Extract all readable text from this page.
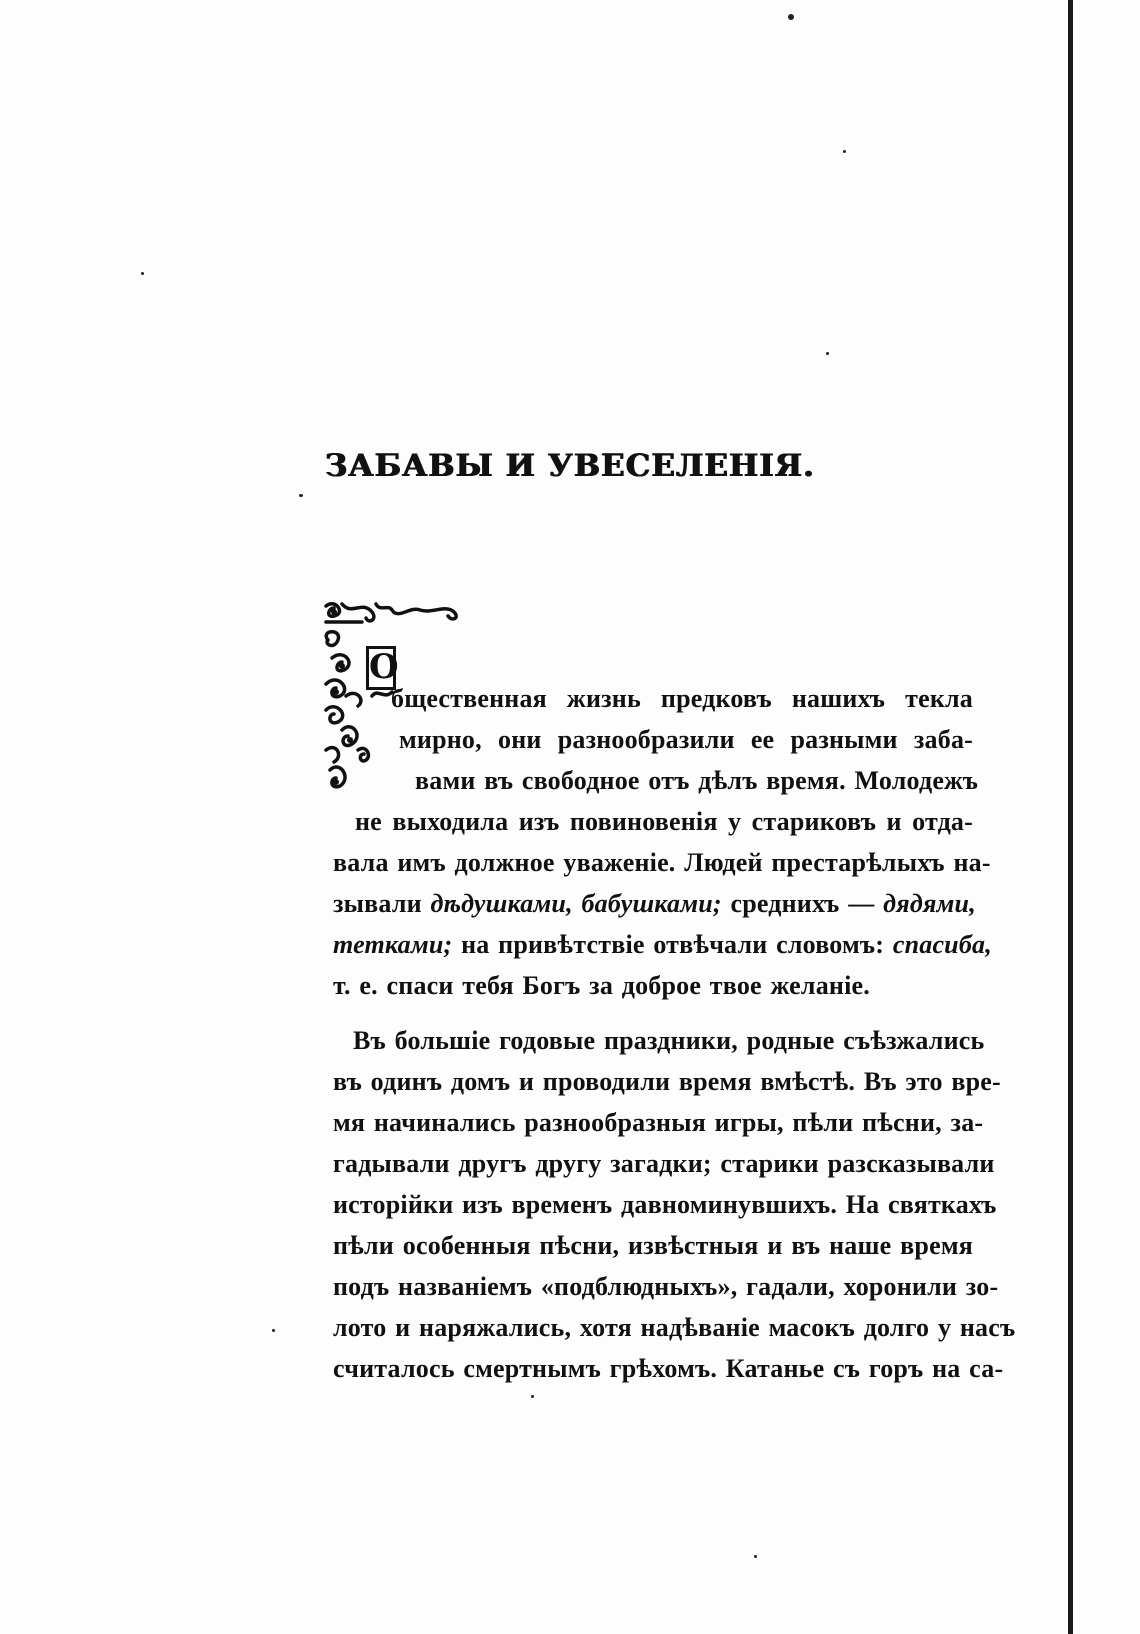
ЗАБАВЫ И УВЕСЕЛЕНІЯ.
О
бщественная жизнь предковъ нашихъ текла
мирно, они разнообразили ее разными заба-
вами въ свободное отъ дѣлъ время. Молодежъ
не выходила изъ повиновенія у стариковъ и отда-
вала имъ должное уваженіе. Людей престарѣлыхъ на-
зывали дѣдушками, бабушками; среднихъ — дядями,
тетками; на привѣтствіе отвѣчали словомъ: спасиба,
т. е. спаси тебя Богъ за доброе твое желаніе.
Въ большіе годовые праздники, родные съѣзжались
въ одинъ домъ и проводили время вмѣстѣ. Въ это вре-
мя начинались разнообразныя игры, пѣли пѣсни, за-
гадывали другъ другу загадки; старики разсказывали
исторійки изъ временъ давноминувшихъ. На святкахъ
пѣли особенныя пѣсни, извѣстныя и въ наше время
подъ названіемъ «подблюдныхъ», гадали, хоронили зо-
лото и наряжались, хотя надѣваніе масокъ долго у насъ
считалось смертнымъ грѣхомъ. Катанье съ горъ на са-
